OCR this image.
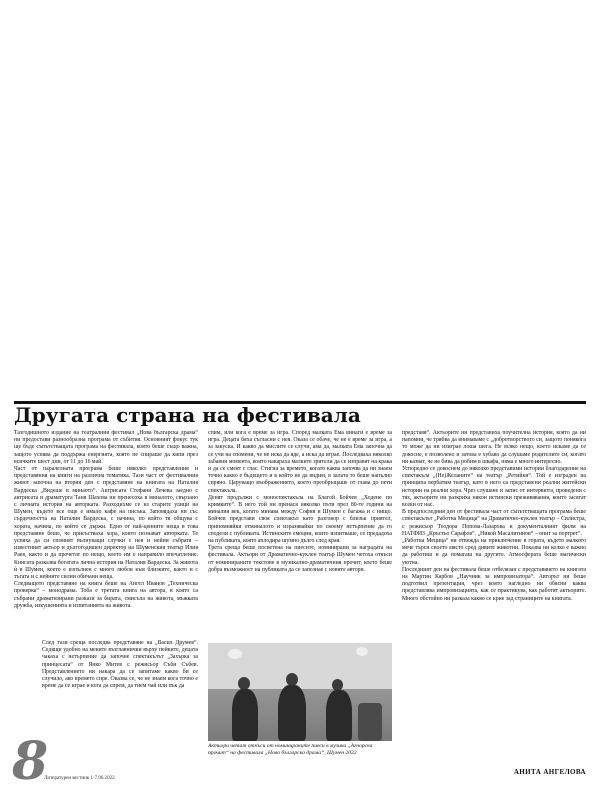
Другата страна на фестивала

Тазгодишното издание на театралния фестивал „Нова българска драма“ ни предостави разнообразна програма от събития. Основният фокус тук ще бъде съпътстващата програма на фестивала, която беше също важна, защото успява да поддържа енергията, която не спираше да кипи през всичките шест дни, от 11 до 16 май.

Част от паралелната програма беше няколко представления и представяния на книги на различна тематика. Тази част от фестивалния живот започна на втория ден с представяне на книгата на Наталия Вардеска „Видеше в минаото“. Актрисата Стефани Лечева заедно с актрисата и драматурга Таня Шахова ни пренесоха в миналото, свързано с личната история на авторката. Разходихме се из старите улици на Шумен, където все още е имало кафе на писъка. Заповядаха ни със сърдечността на Наталия Вардеска, с начина, по който тя общува с хората, начина, по който се държи. Едно от най-ценните неща в това представяне беше, че присъстваха хора, които познават авторката. Те успяха да си спомнят вълнуващи случки с нея и нейни събратя – известният актьор и дългогодишен директор на Шуменския театър Илия Раев, както и да прочетат по нещо, което им е направило впечатление. Книгата разказва богатата лична история на Наталия Вардеска. За живота ѝ в Шумен, което е изпълнен с много любов към близките, както и с тъгата и с нейните силни обичани неща.

Следващото представяне на книга беше на Ангел Иванов „Техническа проверка“ – монодрама. Тоба е третата книга на автора, в която са събрани драматизирани разкази за бирата, смисъла на живота, мъжката дружба, изкушенията и изпитанията на живота.

След тази среща последва представяне на „Васил Друмев“. Седящи удобно на меките възглавнички върху пейките, децата чакаха с нетърпение да започне спектакълът „Захърка за принцесата“ от Янко Митев с режисьор Съби Събев. Представлението ни накара да се запитаме какво би се случило, ако времето спре. Оказва се, че не знаем кога точно е време да се играе и кога да спрем, да тием чай или пък да

спим, или кога е време за игра. Според малката Ема винаги е време за игра. Децата бяха съгласни с нея. Оказа се обаче, че не е време за игра, а за закуска. И какво да мислите се случи, ама да, малката Ема започна да се учи на спомени, че не иска да яде, а иска да играе. Последваха няколко забавни момента, които накараха малките зрители да се изправят на крака и да се смеят с глас. Стигна за времето, когато каква започва да ни знаем точно какво е бъдещето и в който не да видим, в залата то беше напълно спряно. Царуващо въображението, което преобръщаше от глава до пети спектакъла.

Денят продължи с моноспектакъла на Благой Бойчев „Ходене по кримките“. В него той ни пренася няколко пъти през 80-те години на миналия век, когато минава между София и Шумен с багажа и с нищо. Бойчев представи своя спектакъл като разговор с близък приятел, припомняйки отминалото и изразявайки по своему нетърпение да го сподели с публиката. Истинските емоции, които изпитваше, се предадоха на публиката, която аплодира шумно дълго след края.

Трета среща беше посветена на пиесите, номинирани за наградата на фестивала. Актьори от Драматично-куклен театър Шумен четоха откъси от номинираните текстове в музикално-драматичния прочит, което беше добра възможност на публиката да се запознае с новите автори.

представя“. Актьорите ни представиха поучителна история, която да ни напомни, че трябва да внимаваме с „добротворството си, защото понякога то може да ни изиграе лоша шега. Не всяко нещо, което искаме да се докосне, е позволено и затова е хубаво да слушаме родителите си, когато ни казват, че не бива да робим в шкафа, няма е много интересно.

Успоредно се докоснем до няколко представими истории благодарение на спектакъла „(Не)Желаните“ на театър „Ретийки“. Той е изграден на принципа вербатим театър, като в него са представени реални житейски истории на реални хора. Чрез слушане и запис от интервюта, проведени с тях, актьорите ни разкриха някои истински преживявания, които засягат всеки от нас.

В предпоследния ден от фестивала част от съпътстващата програма беше спектакълът „Работна Мецица“ на Драматично-куклен театър – Силистра, с режисьор Теодора Попова-Лазарова и документалният филм на НАТФИЗ „Кръстьо Сарафов“. „Никой Масалитинов“ – опит за портрет“.

„Работна Мецица“ ни отвежда на приключение в гората, където малкото мече търси своето място сред дивите животни. Показва ни колко е важно да работиш и да помагаш на другите. Атмосферата беше магически уютна.

Последният ден на фестивала беше отбелязан с представянето на книгата на Мартин Карбов „Научник за импровизатора“. Авторът ни беше подготвил презентация, чрез която нагледно ни обясни каква представлява импровизацията, как се практикува, как работят актьорите. Много обстойно ни разказа какво се крие зад страниците на книгата.

Актьори четат откъси от номинираните пиеси в музика „Агнорска прочит“ на фестивала „Нова българска драма“, Шумен 2022

8

Литературен вестник 1-7.06.2022

АНИТА АНГЕЛОВА
